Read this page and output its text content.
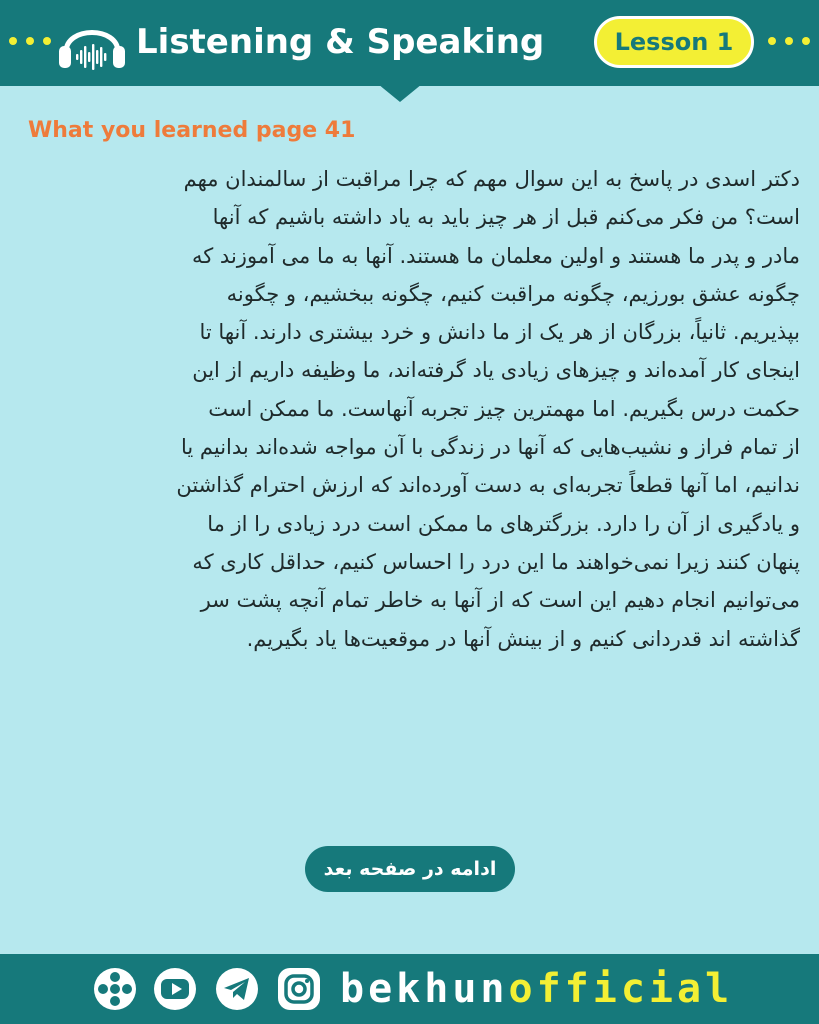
Listening & Speaking	Lesson 1
What you learned page 41
دکتر اسدی در پاسخ به این سوال مهم که چرا مراقبت از سالمندان مهم
است؟ من فکر می‌کنم قبل از هر چیز باید به یاد داشته باشیم که آنها
مادر و پدر ما هستند و اولین معلمان ما هستند. آنها به ما می آموزند که
چگونه عشق بورزیم، چگونه مراقبت کنیم، چگونه ببخشیم، و چگونه
بپذیریم. ثانیاً، بزرگان از هر یک از ما دانش و خرد بیشتری دارند. آنها تا
اینجای کار آمده‌اند و چیزهای زیادی یاد گرفته‌اند، ما وظیفه داریم از این
حکمت درس بگیریم. اما مهمترین چیز تجربه آنهاست. ما ممکن است
از تمام فراز و نشیب‌هایی که آنها در زندگی با آن مواجه شده‌اند بدانیم یا
ندانیم، اما آنها قطعاً تجربه‌ای به دست آورده‌اند که ارزش احترام گذاشتن
و یادگیری از آن را دارد. بزرگترهای ما ممکن است درد زیادی را از ما
پنهان کنند زیرا نمی‌خواهند ما این درد را احساس کنیم، حداقل کاری که
می‌توانیم انجام دهیم این است که از آنها به خاطر تمام آنچه پشت سر
گذاشته اند قدردانی کنیم و از بینش آنها در موقعیت‌ها یاد بگیریم.
ادامه در صفحه بعد
bekhunofficial
